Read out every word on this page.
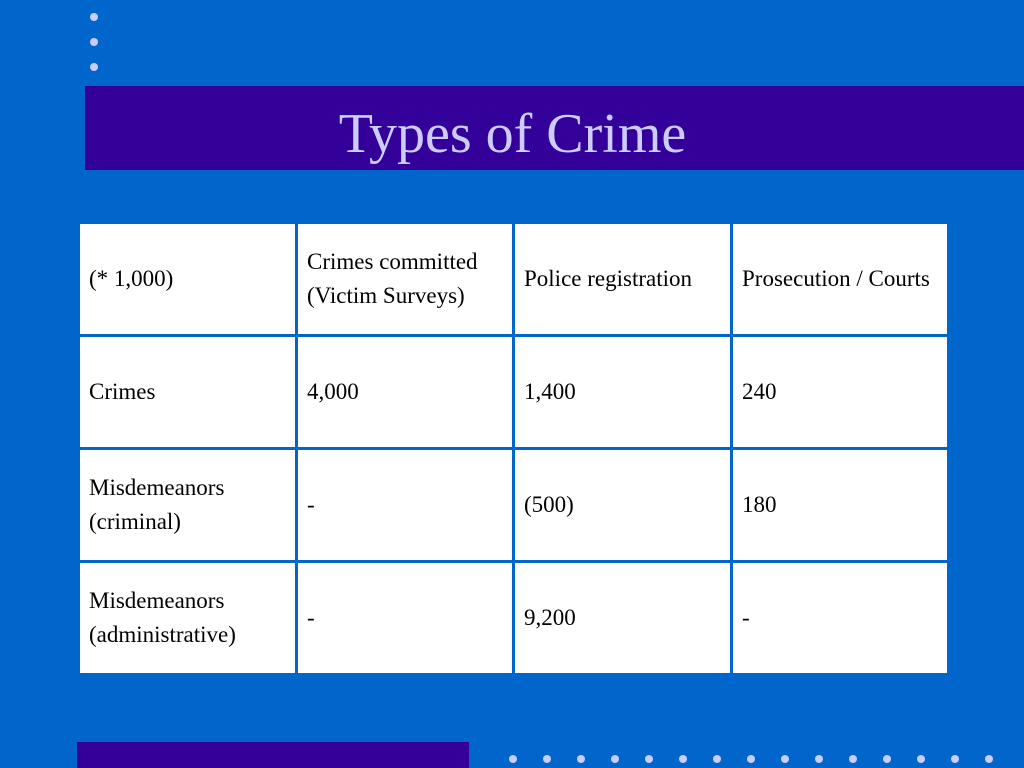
Types of Crime
(* 1,000)	Crimes committed (Victim Surveys)	Police registration	Prosecution / Courts
Crimes	4,000	1,400	240
Misdemeanors (criminal)	-	(500)	180
Misdemeanors (administrative)	-	9,200	-
